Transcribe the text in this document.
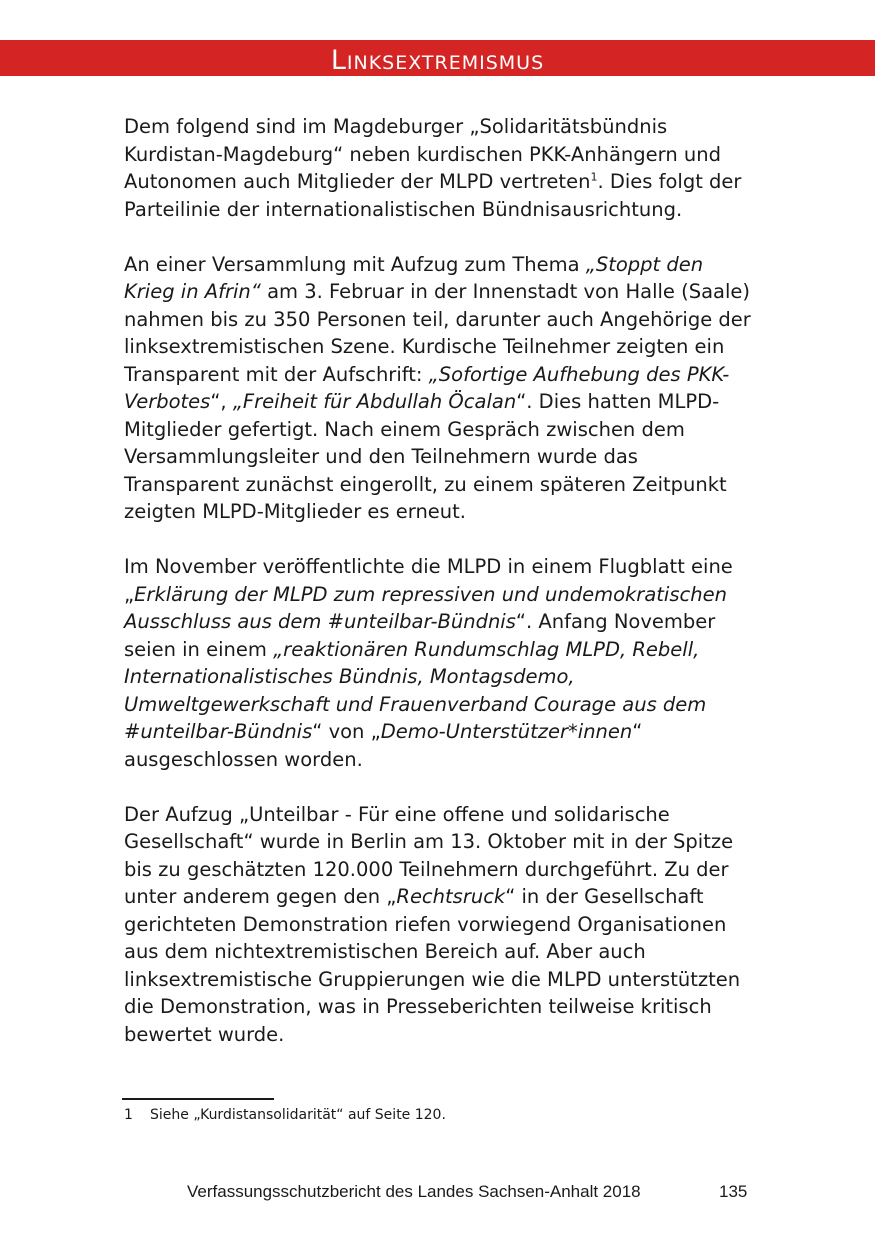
Linksextremismus

Dem folgend sind im Magdeburger „Solidaritätsbündnis Kurdistan-Magdeburg“ neben kurdischen PKK-Anhängern und Autonomen auch Mitglieder der MLPD vertreten$^1$. Dies folgt der Parteilinie der internationalistischen Bündnisausrichtung.

An einer Versammlung mit Aufzug zum Thema „Stoppt den Krieg in Afrin“ am 3. Februar in der Innenstadt von Halle (Saale) nahmen bis zu 350 Personen teil, darunter auch Angehörige der linksextremistischen Szene. Kurdische Teilnehmer zeigten ein Transparent mit der Aufschrift: „Sofortige Aufhebung des PKK-Verbotes“, „Freiheit für Abdullah Öcalan“. Dies hatten MLPD-Mitglieder gefertigt. Nach einem Gespräch zwischen dem Versammlungsleiter und den Teilnehmern wurde das Transparent zunächst eingerollt, zu einem späteren Zeitpunkt zeigten MLPD-Mitglieder es erneut.

Im November veröffentlichte die MLPD in einem Flugblatt eine „Erklärung der MLPD zum repressiven und undemokratischen Ausschluss aus dem #unteilbar-Bündnis“. Anfang November seien in einem „reaktionären Rundumschlag MLPD, Rebell, Internationalistisches Bündnis, Montagsdemo, Umweltgewerkschaft und Frauenverband Courage aus dem #unteilbar-Bündnis“ von „Demo-Unterstützer*innen“ ausgeschlossen worden.

Der Aufzug „Unteilbar - Für eine offene und solidarische Gesellschaft“ wurde in Berlin am 13. Oktober mit in der Spitze bis zu geschätzten 120.000 Teilnehmern durchgeführt. Zu der unter anderem gegen den „Rechtsruck“ in der Gesellschaft gerichteten Demonstration riefen vorwiegend Organisationen aus dem nichtextremistischen Bereich auf. Aber auch linksextremistische Gruppierungen wie die MLPD unterstützten die Demonstration, was in Presseberichten teilweise kritisch bewertet wurde.

1 Siehe „Kurdistansolidarität“ auf Seite 120.
Verfassungsschutzbericht des Landes Sachsen-Anhalt 2018	135
